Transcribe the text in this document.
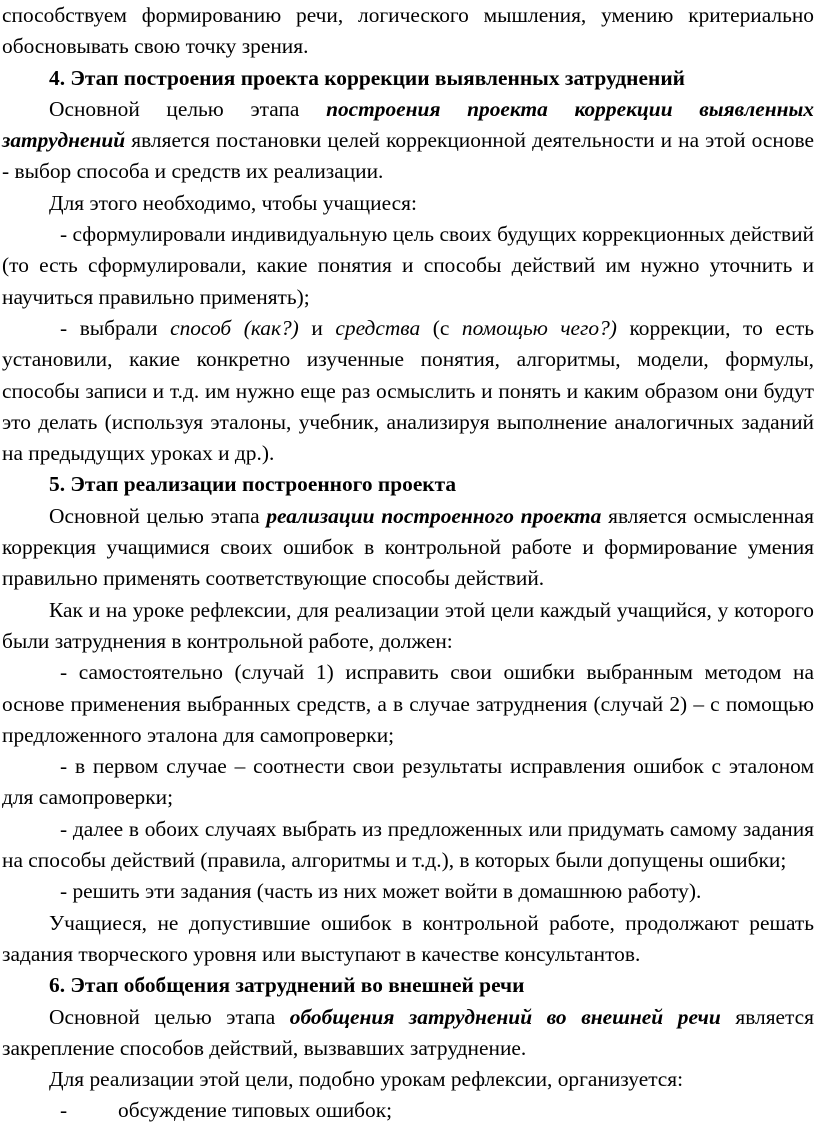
способствуем формированию речи, логического мышления, умению критериально обосновывать свою точку зрения.

4. Этап построения проекта коррекции выявленных затруднений

Основной целью этапа построения проекта коррекции выявленных затруднений является постановки целей коррекционной деятельности и на этой основе - выбор способа и средств их реализации.

Для этого необходимо, чтобы учащиеся:

- сформулировали индивидуальную цель своих будущих коррекционных действий (то есть сформулировали, какие понятия и способы действий им нужно уточнить и научиться правильно применять);

- выбрали способ (как?) и средства (с помощью чего?) коррекции, то есть установили, какие конкретно изученные понятия, алгоритмы, модели, формулы, способы записи и т.д. им нужно еще раз осмыслить и понять и каким образом они будут это делать (используя эталоны, учебник, анализируя выполнение аналогичных заданий на предыдущих уроках и др.).

5. Этап реализации построенного проекта

Основной целью этапа реализации построенного проекта является осмысленная коррекция учащимися своих ошибок в контрольной работе и формирование умения правильно применять соответствующие способы действий.

Как и на уроке рефлексии, для реализации этой цели каждый учащийся, у которого были затруднения в контрольной работе, должен:

- самостоятельно (случай 1) исправить свои ошибки выбранным методом на основе применения выбранных средств, а в случае затруднения (случай 2) – с помощью предложенного эталона для самопроверки;

- в первом случае – соотнести свои результаты исправления ошибок с эталоном для самопроверки;

- далее в обоих случаях выбрать из предложенных или придумать самому задания на способы действий (правила, алгоритмы и т.д.), в которых были допущены ошибки;

- решить эти задания (часть из них может войти в домашнюю работу).

Учащиеся, не допустившие ошибок в контрольной работе, продолжают решать задания творческого уровня или выступают в качестве консультантов.

6. Этап обобщения затруднений во внешней речи

Основной целью этапа обобщения затруднений во внешней речи является закрепление способов действий, вызвавших затруднение.

Для реализации этой цели, подобно урокам рефлексии, организуется:

- обсуждение типовых ошибок;
